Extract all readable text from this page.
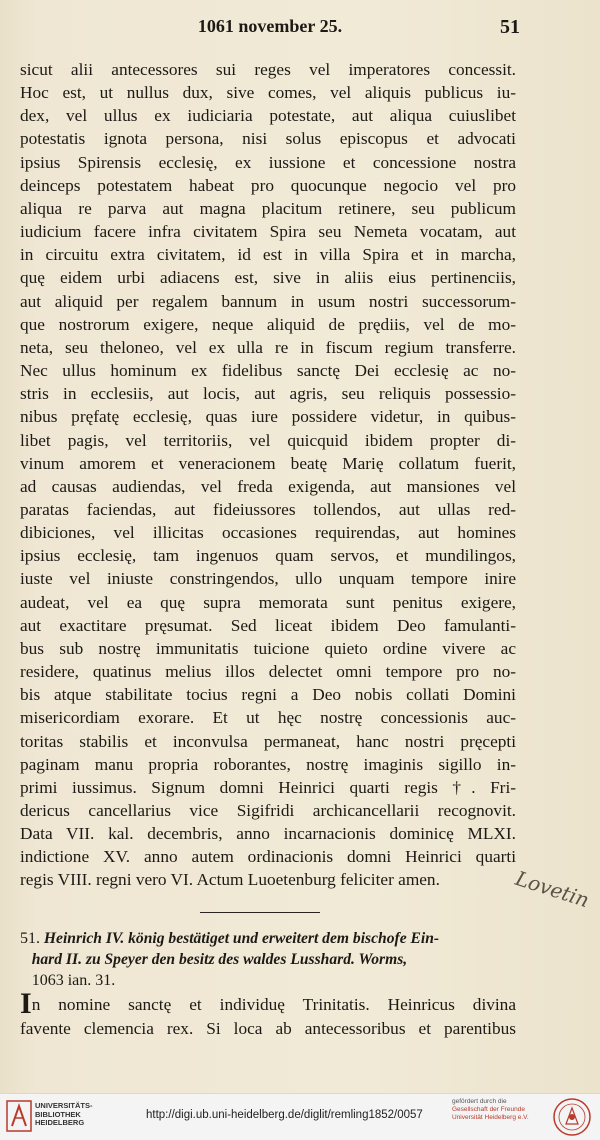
1061 november 25.	51
sicut alii antecessores sui reges vel imperatores concessit.
Hoc est, ut nullus dux, sive comes, vel aliquis publicus iu-
dex, vel ullus ex iudiciaria potestate, aut aliqua cuiuslibet
potestatis ignota persona, nisi solus episcopus et advocati
ipsius Spirensis ecclesię, ex iussione et concessione nostra
deinceps potestatem habeat pro quocunque negocio vel pro
aliqua re parva aut magna placitum retinere, seu publicum
iudicium facere infra civitatem Spira seu Nemeta vocatam, aut
in circuitu extra civitatem, id est in villa Spira et in marcha,
quę eidem urbi adiacens est, sive in aliis eius pertinenciis,
aut aliquid per regalem bannum in usum nostri successorum-
que nostrorum exigere, neque aliquid de prędiis, vel de mo-
neta, seu theloneo, vel ex ulla re in fiscum regium transferre.
Nec ullus hominum ex fidelibus sanctę Dei ecclesię ac no-
stris in ecclesiis, aut locis, aut agris, seu reliquis possessio-
nibus pręfatę ecclesię, quas iure possidere videtur, in quibus-
libet pagis, vel territoriis, vel quicquid ibidem propter di-
vinum amorem et veneracionem beatę Marię collatum fuerit,
ad causas audiendas, vel freda exigenda, aut mansiones vel
paratas faciendas, aut fideiussores tollendos, aut ullas red-
dibiciones, vel illicitas occasiones requirendas, aut homines
ipsius ecclesię, tam ingenuos quam servos, et mundilingos,
iuste vel iniuste constringendos, ullo unquam tempore inire
audeat, vel ea quę supra memorata sunt penitus exigere,
aut exactitare pręsumat. Sed liceat ibidem Deo famulanti-
bus sub nostrę immunitatis tuicione quieto ordine vivere ac
residere, quatinus melius illos delectet omni tempore pro no-
bis atque stabilitate tocius regni a Deo nobis collati Domini
misericordiam exorare. Et ut hęc nostrę concessionis auc-
toritas stabilis et inconvulsa permaneat, hanc nostri pręcepti
paginam manu propria roborantes, nostrę imaginis sigillo in-
primi iussimus. Signum domni Heinrici quarti regis †. Fri-
dericus cancellarius vice Sigifridi archicancellarii recognovit.
Data VII. kal. decembris, anno incarnacionis dominicę MLXI.
indictione XV. anno autem ordinacionis domni Heinrici quarti
regis VIII. regni vero VI. Actum Luoetenburg feliciter amen.	Lovetin
51. Heinrich IV. könig bestätiget und erweitert dem bischofe Ein-
hard II. zu Speyer den besitz des waldes Lusshard. Worms,
1063 ian. 31.
In nomine sanctę et individuę Trinitatis. Heinricus divina
favente clemencia rex. Si loca ab antecessoribus et parentibus
UNIVERSITÄTS-
BIBLIOTHEK
HEIDELBERG
http://digi.ub.uni-heidelberg.de/diglit/remling1852/0057
gefördert durch die
Gesellschaft der Freunde
Universität Heidelberg e.V.
